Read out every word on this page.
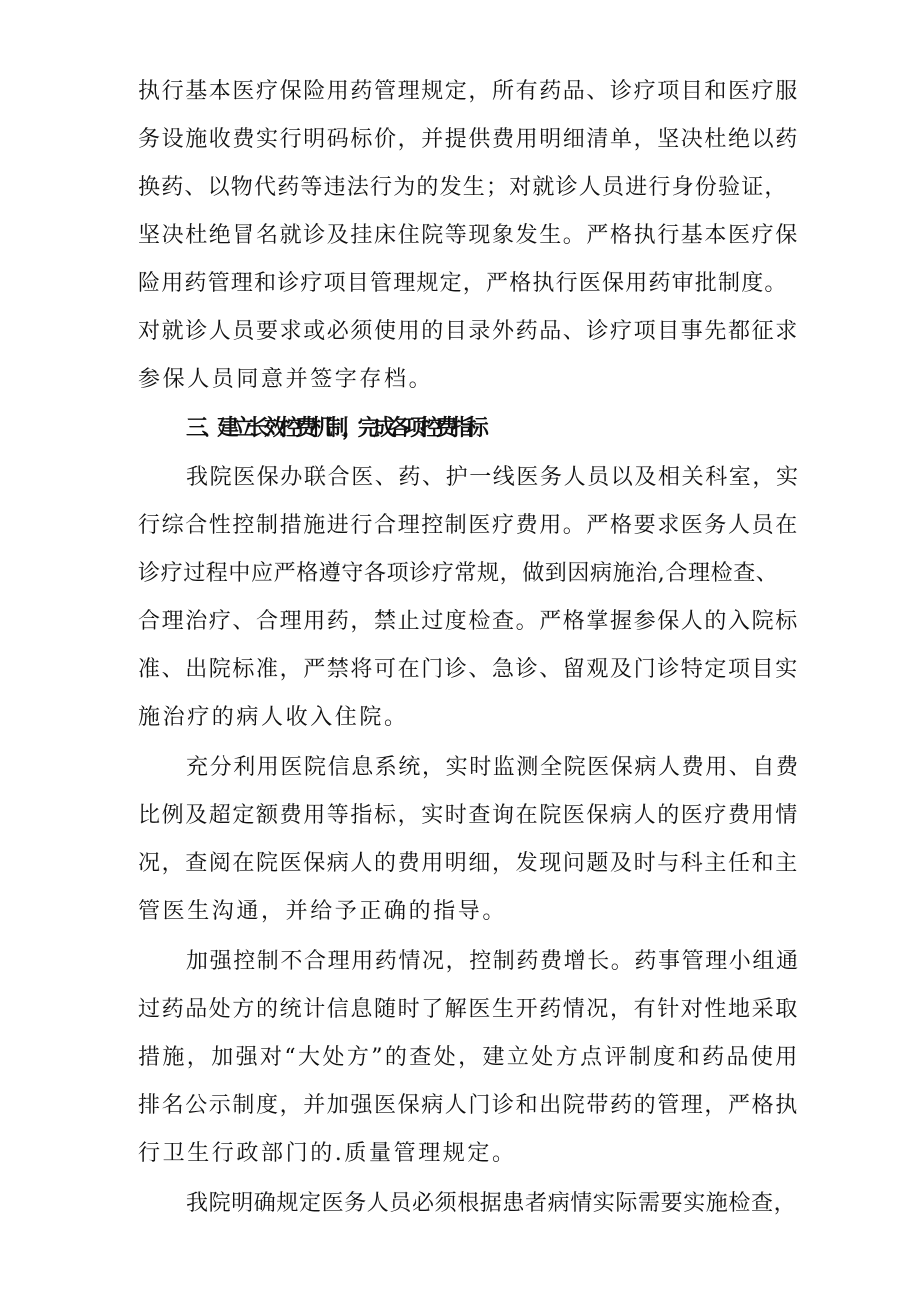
执行基本医疗保险用药管理规定，所有药品、诊疗项目和医疗服
务设施收费实行明码标价，并提供费用明细清单，坚决杜绝以药
换药、以物代药等违法行为的发生；对就诊人员进行身份验证，
坚决杜绝冒名就诊及挂床住院等现象发生。严格执行基本医疗保
险用药管理和诊疗项目管理规定，严格执行医保用药审批制度。
对就诊人员要求或必须使用的目录外药品、诊疗项目事先都征求
参保人员同意并签字存档。
三、建立长效控费机制，完成各项控费指标
我院医保办联合医、药、护一线医务人员以及相关科室，实
行综合性控制措施进行合理控制医疗费用。严格要求医务人员在
诊疗过程中应严格遵守各项诊疗常规，做到因病施治,合理检查、
合理治疗、合理用药，禁止过度检查。严格掌握参保人的入院标
准、出院标准，严禁将可在门诊、急诊、留观及门诊特定项目实
施治疗的病人收入住院。
充分利用医院信息系统，实时监测全院医保病人费用、自费
比例及超定额费用等指标，实时查询在院医保病人的医疗费用情
况，查阅在院医保病人的费用明细，发现问题及时与科主任和主
管医生沟通，并给予正确的指导。
加强控制不合理用药情况，控制药费增长。药事管理小组通
过药品处方的统计信息随时了解医生开药情况，有针对性地采取
措施，加强对“大处方”的查处，建立处方点评制度和药品使用
排名公示制度，并加强医保病人门诊和出院带药的管理，严格执
行卫生行政部门的.质量管理规定。
我院明确规定医务人员必须根据患者病情实际需要实施检查，
